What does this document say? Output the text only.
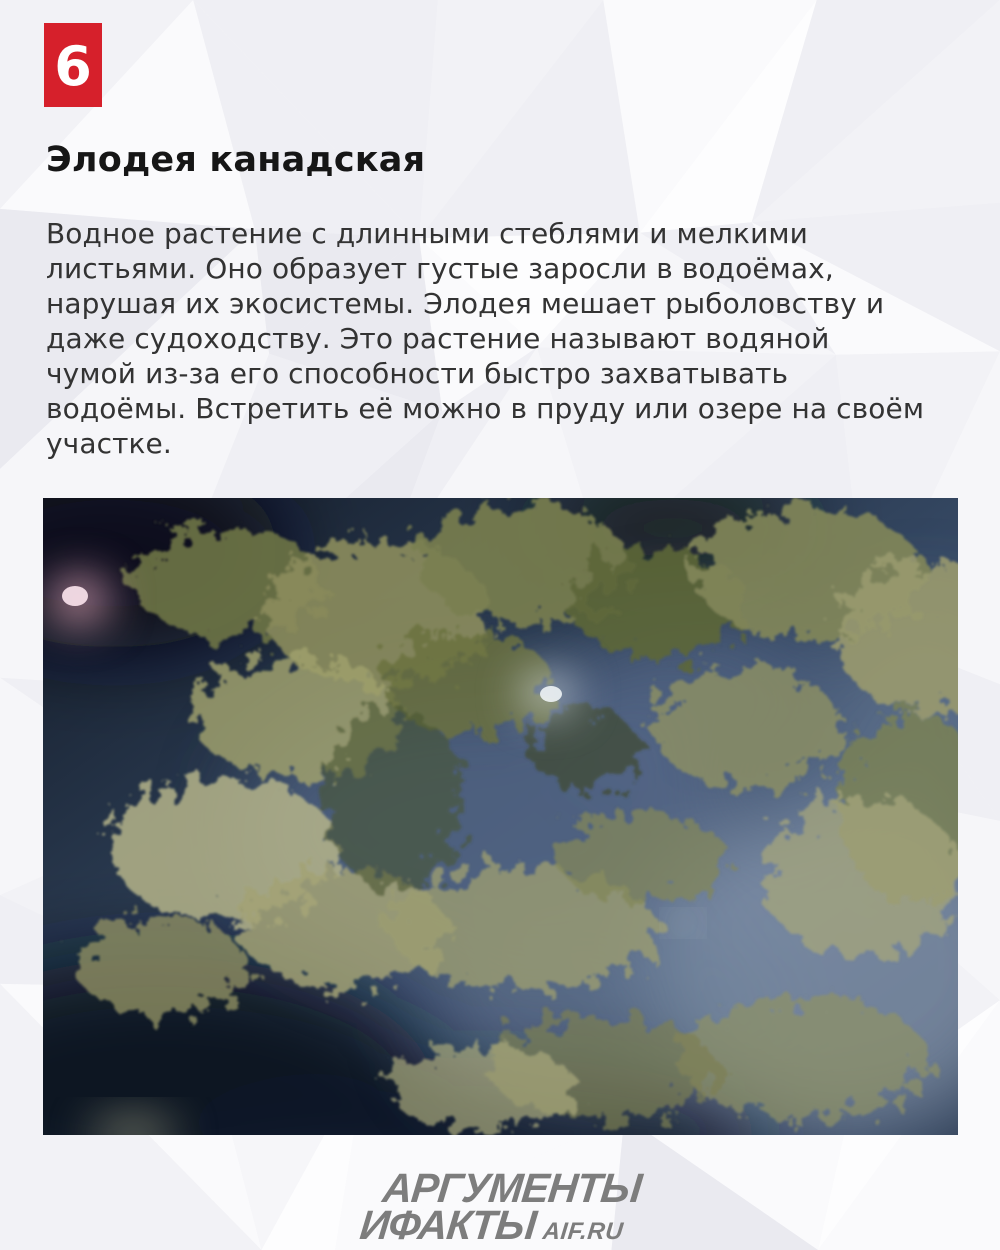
6
Элодея канадская
Водное растение с длинными стеблями и мелкими
листьями. Оно образует густые заросли в водоёмах,
нарушая их экосистемы. Элодея мешает рыболовству и
даже судоходству. Это растение называют водяной
чумой из-за его способности быстро захватывать
водоёмы. Встретить её можно в пруду или озере на своём
участке.
АРГУМЕНТЫ
ИФАКТЫ AIF.RU
